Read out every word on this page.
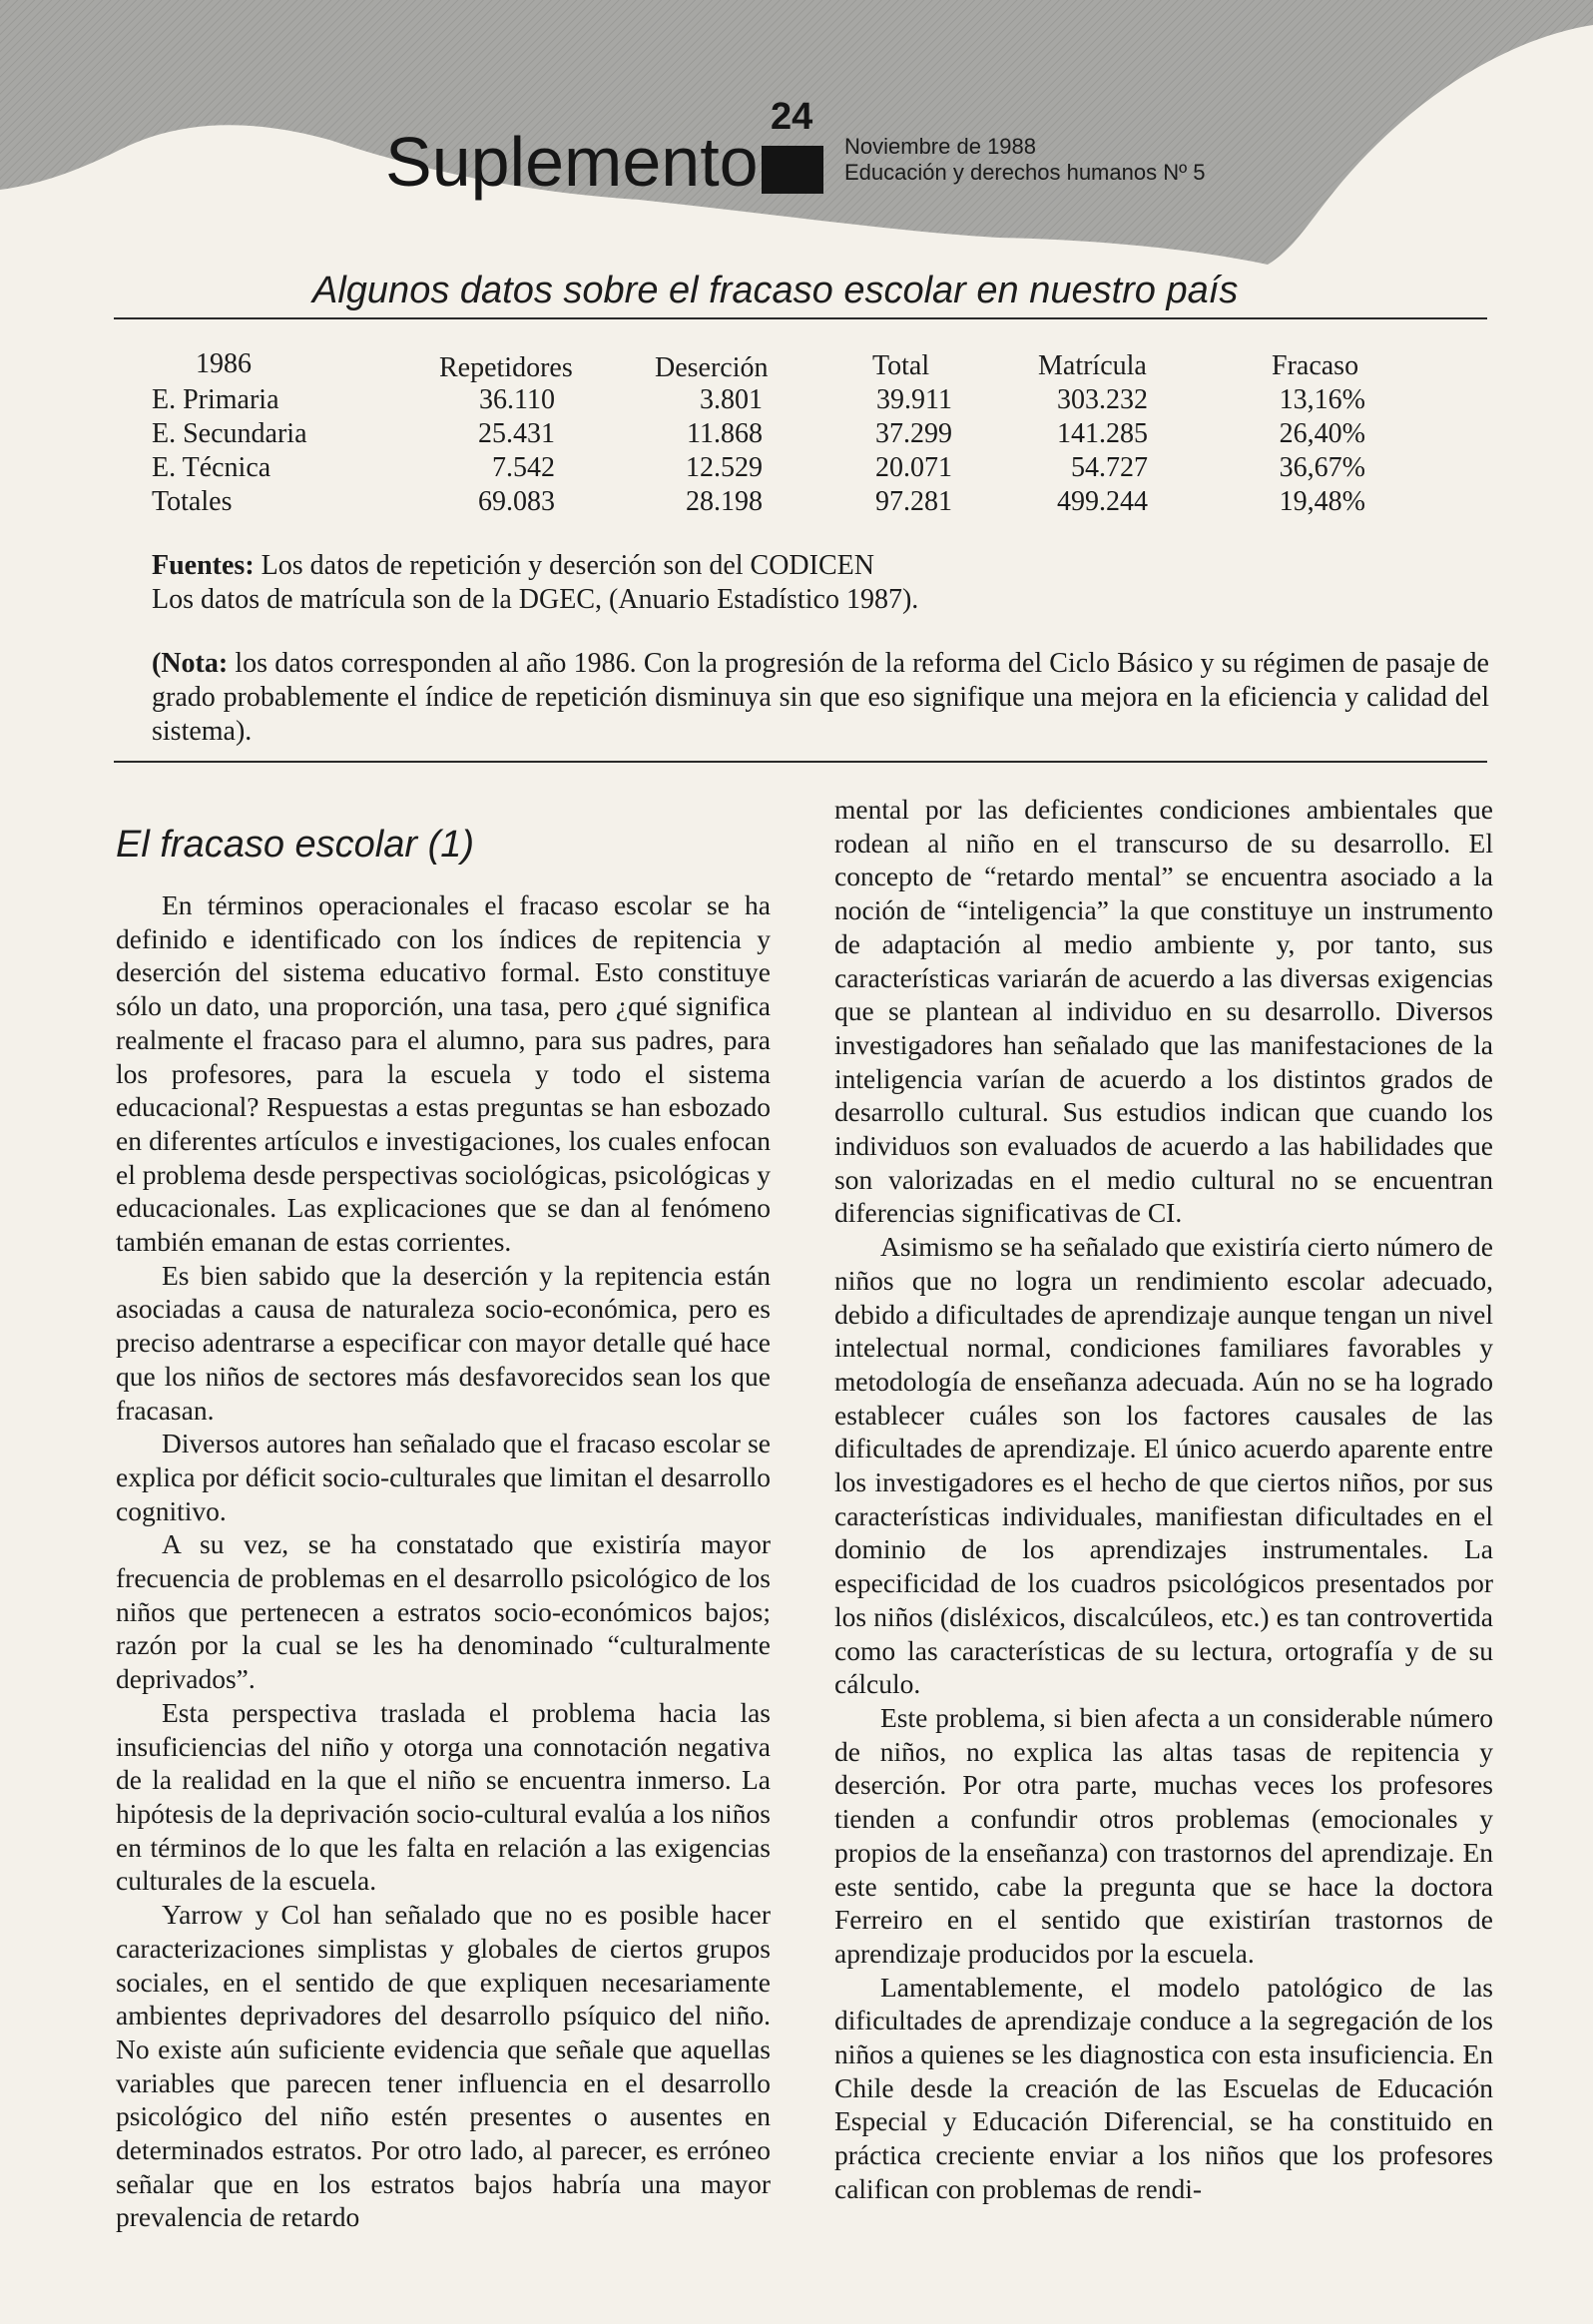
24
Suplemento	Noviembre de 1988
Educación y derechos humanos Nº 5
Algunos datos sobre el fracaso escolar en nuestro país
1986	Repetidores	Deserción	Total	Matrícula	Fracaso
E. Primaria	36.110	3.801	39.911	303.232	13,16%
E. Secundaria	25.431	11.868	37.299	141.285	26,40%
E. Técnica	7.542	12.529	20.071	54.727	36,67%
Totales	69.083	28.198	97.281	499.244	19,48%
Fuentes: Los datos de repetición y deserción son del CODICEN
Los datos de matrícula son de la DGEC, (Anuario Estadístico 1987).
(Nota: los datos corresponden al año 1986. Con la progresión de la reforma del Ciclo Básico y su régimen de pasaje de grado probablemente el índice de repetición disminuya sin que eso signifique una mejora en la eficiencia y calidad del sistema).
El fracaso escolar (1)

En términos operacionales el fracaso escolar se ha definido e identificado con los índices de repitencia y deserción del sistema educativo formal. Esto constituye sólo un dato, una proporción, una tasa, pero ¿qué significa realmente el fracaso para el alumno, para sus padres, para los profesores, para la escuela y todo el sistema educacional? Respuestas a estas preguntas se han esbozado en diferentes artículos e investigaciones, los cuales enfocan el problema desde perspectivas sociológicas, psicológicas y educacionales. Las explicaciones que se dan al fenómeno también emanan de estas corrientes.

Es bien sabido que la deserción y la repitencia están asociadas a causa de naturaleza socio-económica, pero es preciso adentrarse a especificar con mayor detalle qué hace que los niños de sectores más desfavorecidos sean los que fracasan.

Diversos autores han señalado que el fracaso escolar se explica por déficit socio-culturales que limitan el desarrollo cognitivo.

A su vez, se ha constatado que existiría mayor frecuencia de problemas en el desarrollo psicológico de los niños que pertenecen a estratos socio-económicos bajos; razón por la cual se les ha denominado “culturalmente deprivados”.

Esta perspectiva traslada el problema hacia las insuficiencias del niño y otorga una connotación negativa de la realidad en la que el niño se encuentra inmerso. La hipótesis de la deprivación socio-cultural evalúa a los niños en términos de lo que les falta en relación a las exigencias culturales de la escuela.

Yarrow y Col han señalado que no es posible hacer caracterizaciones simplistas y globales de ciertos grupos sociales, en el sentido de que expliquen necesariamente ambientes deprivadores del desarrollo psíquico del niño. No existe aún suficiente evidencia que señale que aquellas variables que parecen tener influencia en el desarrollo psicológico del niño estén presentes o ausentes en determinados estratos. Por otro lado, al parecer, es erróneo señalar que en los estratos bajos habría una mayor prevalencia de retardo

mental por las deficientes condiciones ambientales que rodean al niño en el transcurso de su desarrollo. El concepto de “retardo mental” se encuentra asociado a la noción de “inteligencia” la que constituye un instrumento de adaptación al medio ambiente y, por tanto, sus características variarán de acuerdo a las diversas exigencias que se plantean al individuo en su desarrollo. Diversos investigadores han señalado que las manifestaciones de la inteligencia varían de acuerdo a los distintos grados de desarrollo cultural. Sus estudios indican que cuando los individuos son evaluados de acuerdo a las habilidades que son valorizadas en el medio cultural no se encuentran diferencias significativas de CI.

Asimismo se ha señalado que existiría cierto número de niños que no logra un rendimiento escolar adecuado, debido a dificultades de aprendizaje aunque tengan un nivel intelectual normal, condiciones familiares favorables y metodología de enseñanza adecuada. Aún no se ha logrado establecer cuáles son los factores causales de las dificultades de aprendizaje. El único acuerdo aparente entre los investigadores es el hecho de que ciertos niños, por sus características individuales, manifiestan dificultades en el dominio de los aprendizajes instrumentales. La especificidad de los cuadros psicológicos presentados por los niños (disléxicos, discalcúleos, etc.) es tan controvertida como las características de su lectura, ortografía y de su cálculo.

Este problema, si bien afecta a un considerable número de niños, no explica las altas tasas de repitencia y deserción. Por otra parte, muchas veces los profesores tienden a confundir otros problemas (emocionales y propios de la enseñanza) con trastornos del aprendizaje. En este sentido, cabe la pregunta que se hace la doctora Ferreiro en el sentido que existirían trastornos de aprendizaje producidos por la escuela.

Lamentablemente, el modelo patológico de las dificultades de aprendizaje conduce a la segregación de los niños a quienes se les diagnostica con esta insuficiencia. En Chile desde la creación de las Escuelas de Educación Especial y Educación Diferencial, se ha constituido en práctica creciente enviar a los niños que los profesores califican con problemas de rendi-
